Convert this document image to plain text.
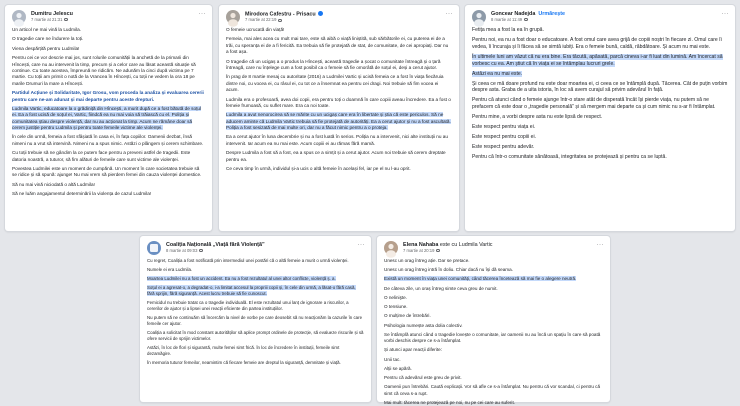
Dumitru Jelescu
7 martie at 21:31

Un articol ne mai vină la Ludmila.

O tragedie care ne îndurere la toți.

Viena despărțită pentru Ludmila!

Pentru cei ce vor descrie mai jos, sunt rolurile comunității la anchetă de la primarii din Hîncești, care nu au intervenit la timp, precum și a celor care au lăsat această situație să continue. Cu toate acestea, împreună ne ridicăm. Ne adunăm la cinci după victima pe 7 martie. Cu toții am primit o notă de la Vrancea în Hîncești, cu toții ne vedem la ora 18 pe marile Drumuri la mare a Hîncești.

Partidul Acțiune și Solidaritate, Igor Grosu, vom proceda la analiza și evaluarea cererii pentru care ne-am adunat și mai departe pentru aceste drepturi.

Ludmila Vartic, educatoare la o grădiniță din Hîncești, a murit după ce a fost bătută de soțul ei. Ea a fost ucisă de soțul ei, Vartic, fiindcă ea nu mai voia să trăiască cu el. Poliția și comunitatea știau despre violență, dar nu au acționat la timp. Acum ne rămâne doar să cerem justiție pentru Ludmila și pentru toate femeile victime ale violenței.

În cele din urmă, femeia a fost sfâșiată în casa ei, în fața copiilor. Oamenii dezbat, însă nimeni nu a vrut să intervină. Nimeni nu a spus nimic. Astăzi o plângem și cerem schimbare.

Cu toții trebuie să ne gândim la ce putem face pentru a preveni astfel de tragedii. Este datoria noastră, a tuturor, să fim alături de femeile care sunt victime ale violenței.

Povestea Ludmilei este un moment de cumpănă. Un moment în care societatea trebuie să se ridice și să spună: ajunge! Nu mai vrem să pierdem femei din cauza violenței domestice.

Să nu mai vină niciodată o altă Ludmila!

Să ne luăm angajamentul determinării la violența de cazul Ludmila!

···	Mirodora Cafestru - Prisacu
7 martie at 22:19

O femeie ucrucată din viață!

Femeia, mai ales acea cu mult mai tare, este să aibă o viață liniștită, sub sărbătorile ei, cu puterea ei de a trăi, cu speranța ei de a fi fericită. Ea trebuia să fie protejată de stat, de comunitate, de cei apropiați. Dar nu a fost așa.

O tragedie că un ucigaș a o produs la Hîncești, această tragedie a șocat o comunitate întreagă și o țară întreagă, care nu înțelege cum a fost posibil ca o femeie să fie omorâtă de soțul ei, deși a cerut ajutor.

În prag de 8 martie mesaj cu autoritate (2016) a Ludmilei Vartic și ucisă femeia ce a fost în viața fiecăruia dintre noi, cu vocea ei, cu râsul ei, cu tot ce a însemnat ea pentru cei dragi. Noi trebuie să fim vocea ei acum.

Ludmila era o profesoară, avea doi copii, era pentru toți o doamnă în care copiii aveau încredere. Ea a fost o femeie frumoasă, cu suflet mare. Era ca noi toate.

Ludmila a avut nenorocirea să se mărite cu un ucigaș care era în libertate și știa că este periculos. Să ne aducem aminte că Ludmila Vartic trebuia să fie protejată de autorități. Ea a cerut ajutor și nu a fost ascultată. Poliția a fost sesizată de mai multe ori, dar nu a făcut nimic pentru a o proteja.

Ea a cerut ajutor în luna decembrie și nu a fost luată în serios. Poliția nu a intervenit, nici alte instituții nu au intervenit. Iar acum ea nu mai este. Acum copiii ei au rămas fără mamă.

Despre Ludmila a fost să a fost, ea a spus ce a simțit și a cerut ajutor. Acum noi trebuie să cerem dreptate pentru ea.

Ce ceva timp în urmă, individul și-a ucis o altă femeie în același fel, iar pe el nu l-au oprit.

···	Goncear Nadejda Urmărește
8 martie at 11:49

Fetița mea a fost la ea în grupă.

Pentru noi, ea nu a fost doar o educatoare. A fost omul care avea grijă de copiii noștri în fiecare zi. Omul care îi vedea, îi încuraja și îi făcea să se simtă iubiți. Era o femeie bună, caldă, răbdătoare. Și acum nu mai este.

În ultimele luni am văzut că nu era bine. Era tăcută, apăsată, parcă cineva i-ar fi luat din lumină. Am încercat să vorbesc cu ea. Am știut că în viața ei se întâmplau lucruri grele.

Astăzi ea nu mai este.

Și ceea ce mă doare profund nu este doar moartea ei, ci ceea ce se întâmplă după. Tăcerea. Cât de puțin vorbim despre asta. Graba de a uita istoria, în loc să avem curajul să privim adevărul în față.

Pentru că atunci când o femeie ajunge într-o stare atât de disperată încât își pierde viața, nu putem să ne prefacem că este doar o „tragedie personală” și să mergem mai departe ca și cum nimic nu s-ar fi întâmplat.

Pentru mine, a vorbi despre asta nu este lipsă de respect.

Este respect pentru viața ei.

Este respect pentru copiii ei.

Este respect pentru adevăr.

Pentru că într-o comunitate sănătoasă, integritatea se protejează și pentru ca se luptă.

···
Coaliția Națională „Viață fără Violență”
8 martie at 09:03

Cu regret, Coaliția a fost notificată prin intermediul unei postări că o altă femeie a murit o urmă violenței.

Numele ei era Ludmila.

Moartea Ludmilei nu a fost un accident. Ea nu a fost rezultatul al unei altor conflicte, violență ș. a.

Soțul ei a agresat-o, a degradat-o, i-a limitat accesul la propriii copii și, în cele din urmă, a lăsat-o fără casă, fără sprijin, fără siguranță. Acest lucru trebuie să fie cunoscut.

Femicidul nu trebuie tratat ca o tragedie individuală. El este rezultatul unui lanț de ignorare a riscurilor, a cererilor de ajutor și a lipsei unei reacții eficiente din partea instituțiilor.

Nu putem să ne continuăm să încercăm la nivel de vorbe pe care deosebit să nu reacționăm la cazurile în care femeile cer ajutor.

Coaliția a solicitat în mod constant autorităților să aplice prompt ordinele de protecție, să evalueze riscurile și să ofere servicii de sprijin victimelor.

Astăzi, în loc de flori și sigurantă, multe femei simt frică. În loc de încredere în instituții, femeile simt dezamăgire.

În memoria tuturor femeilor, neamintim că fiecare femeie are dreptul la siguranță, demnitate și viață.

···	Elena Nahaba este cu Ludmila Vartic
7 martie at 20:19

Unesc un orag întreg ație. Dar se pretace.

Unesc un orag întreg intră în doliu. Chiar dacă nu își dă seama.

Există un moment în viața unei comunități, când tăcerea încetează să mai fie o alegere neutră.

De câteva zile, un oraș întreg simte ceva greu de numit.

O nelinişte.

O tensiune.

O mulțime de întrebări.

Psihologia numește asta dolia colectiv.

Se întâmplă atunci când o tragedie lovește o comunitate, iar oamenii nu au încă un spațiu în care să poată vorbi deschis despre ce s-a întâmplat.

Și atunci apar reacții diferite:

Unii tac.

Alții se apără.

Pentru că adevărul este greu de privit.

Oamenii pun întrebări. Caută explicații. Vor să afle ce s-a întâmplat. Nu pentru că vor scandal, ci pentru că simt că ceva s-a rupt.

Mai mult: tăcerea ne protejează pe noi, nu pe cei care au suferit.

···
